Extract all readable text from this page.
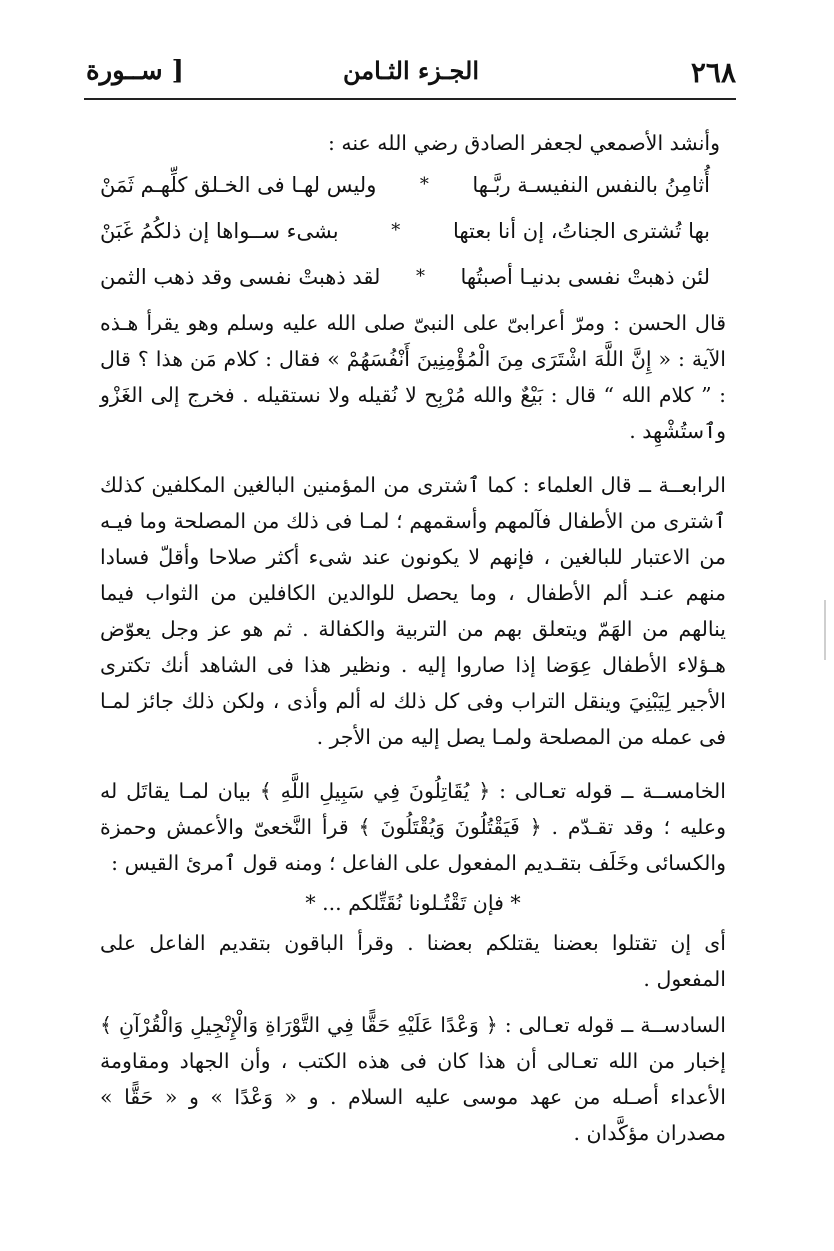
٢٦٨
الجـزء الثـامن
[ ســورة

وأنشد الأصمعي لجعفر الصادق رضي الله عنه :

أُثامِنُ بالنفس النفيسـة ربَّـها
*
وليس لهـا فى الخـلق كلِّهـم ثَمَنْ
بها تُشترى الجناتُ، إن أنا بعتها
*
بشىء ســواها إن ذلكُمُ غَبَنْ
لئن ذهبتْ نفسى بدنيـا أصبتُها
*
لقد ذهبتْ نفسى وقد ذهب الثمن

قال الحسن : ومرّ أعرابىّ على النبىّ صلى الله عليه وسلم وهو يقرأ هـذه الآية : « إِنَّ اللَّهَ اشْتَرَى مِنَ الْمُؤْمِنِينَ أَنْفُسَهُمْ » فقال : كلام مَن هذا ؟ قال : ” كلام الله “ قال : بَيْعٌ والله مُرْبِح لا نُقيله ولا نستقيله . فخرج إلى الغَزْو وٱستُشْهِد .

الرابعــة ــ قال العلماء : كما ٱشترى من المؤمنين البالغين المكلفين كذلك ٱشترى من الأطفال فآلمهم وأسقمهم ؛ لمـا فى ذلك من المصلحة وما فيـه من الاعتبار للبالغين ، فإنهم لا يكونون عند شىء أكثر صلاحا وأقلّ فسادا منهم عنـد ألم الأطفال ، وما يحصل للوالدين الكافلين من الثواب فيما ينالهم من الهَمّ ويتعلق بهم من التربية والكفالة . ثم هو عز وجل يعوّض هـؤلاء الأطفال عِوَضا إذا صاروا إليه . ونظير هذا فى الشاهد أنك تكترى الأجير لِيَبْنِيَ وينقل التراب وفى كل ذلك له ألم وأذى ، ولكن ذلك جائز لمـا فى عمله من المصلحة ولمـا يصل إليه من الأجر .

الخامســة ــ قوله تعـالى : ﴿ يُقَاتِلُونَ فِي سَبِيلِ اللَّهِ ﴾ بيان لمـا يقاتَل له وعليه ؛ وقد تقـدّم . ﴿ فَيَقْتُلُونَ وَيُقْتَلُونَ ﴾ قرأ النَّخعىّ والأعمش وحمزة والكسائى وخَلَف بتقـديم المفعول على الفاعل ؛ ومنه قول ٱمرئ القيس :

* فإن تَقْتُـلونا نُقَتِّلكم ... *

أى إن تقتلوا بعضنا يقتلكم بعضنا . وقرأ الباقون بتقديم الفاعل على المفعول .

السادســة ــ قوله تعـالى : ﴿ وَعْدًا عَلَيْهِ حَقًّا فِي التَّوْرَاةِ وَالْإِنْجِيلِ وَالْقُرْآنِ ﴾ إخبار من الله تعـالى أن هذا كان فى هذه الكتب ، وأن الجهاد ومقاومة الأعداء أصـله من عهد موسى عليه السلام . و « وَعْدًا » و « حَقًّا » مصدران مؤكَّدان .
